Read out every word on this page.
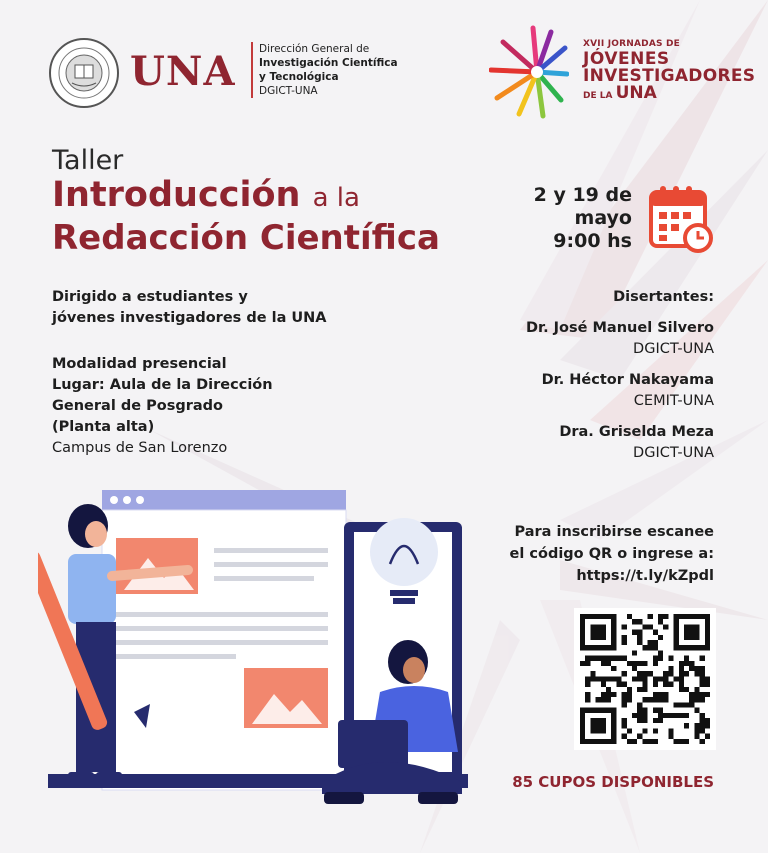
UNA Dirección General de
Investigación Científica
y Tecnológica
DGICT-UNA
XVII JORNADAS DE
JÓVENES
INVESTIGADORES
DE LA UNA
Taller
Introducción a la
Redacción Científica
2 y 19 de
mayo
9:00 hs
Dirigido a estudiantes y
jóvenes investigadores de la UNA
Modalidad presencial
Lugar: Aula de la Dirección
General de Posgrado
(Planta alta)
Campus de San Lorenzo
Disertantes:
Dr. José Manuel Silvero
DGICT-UNA
Dr. Héctor Nakayama
CEMIT-UNA
Dra. Griselda Meza
DGICT-UNA
Para inscribirse escanee
el código QR o ingrese a:
https://t.ly/kZpdl
85 CUPOS DISPONIBLES
